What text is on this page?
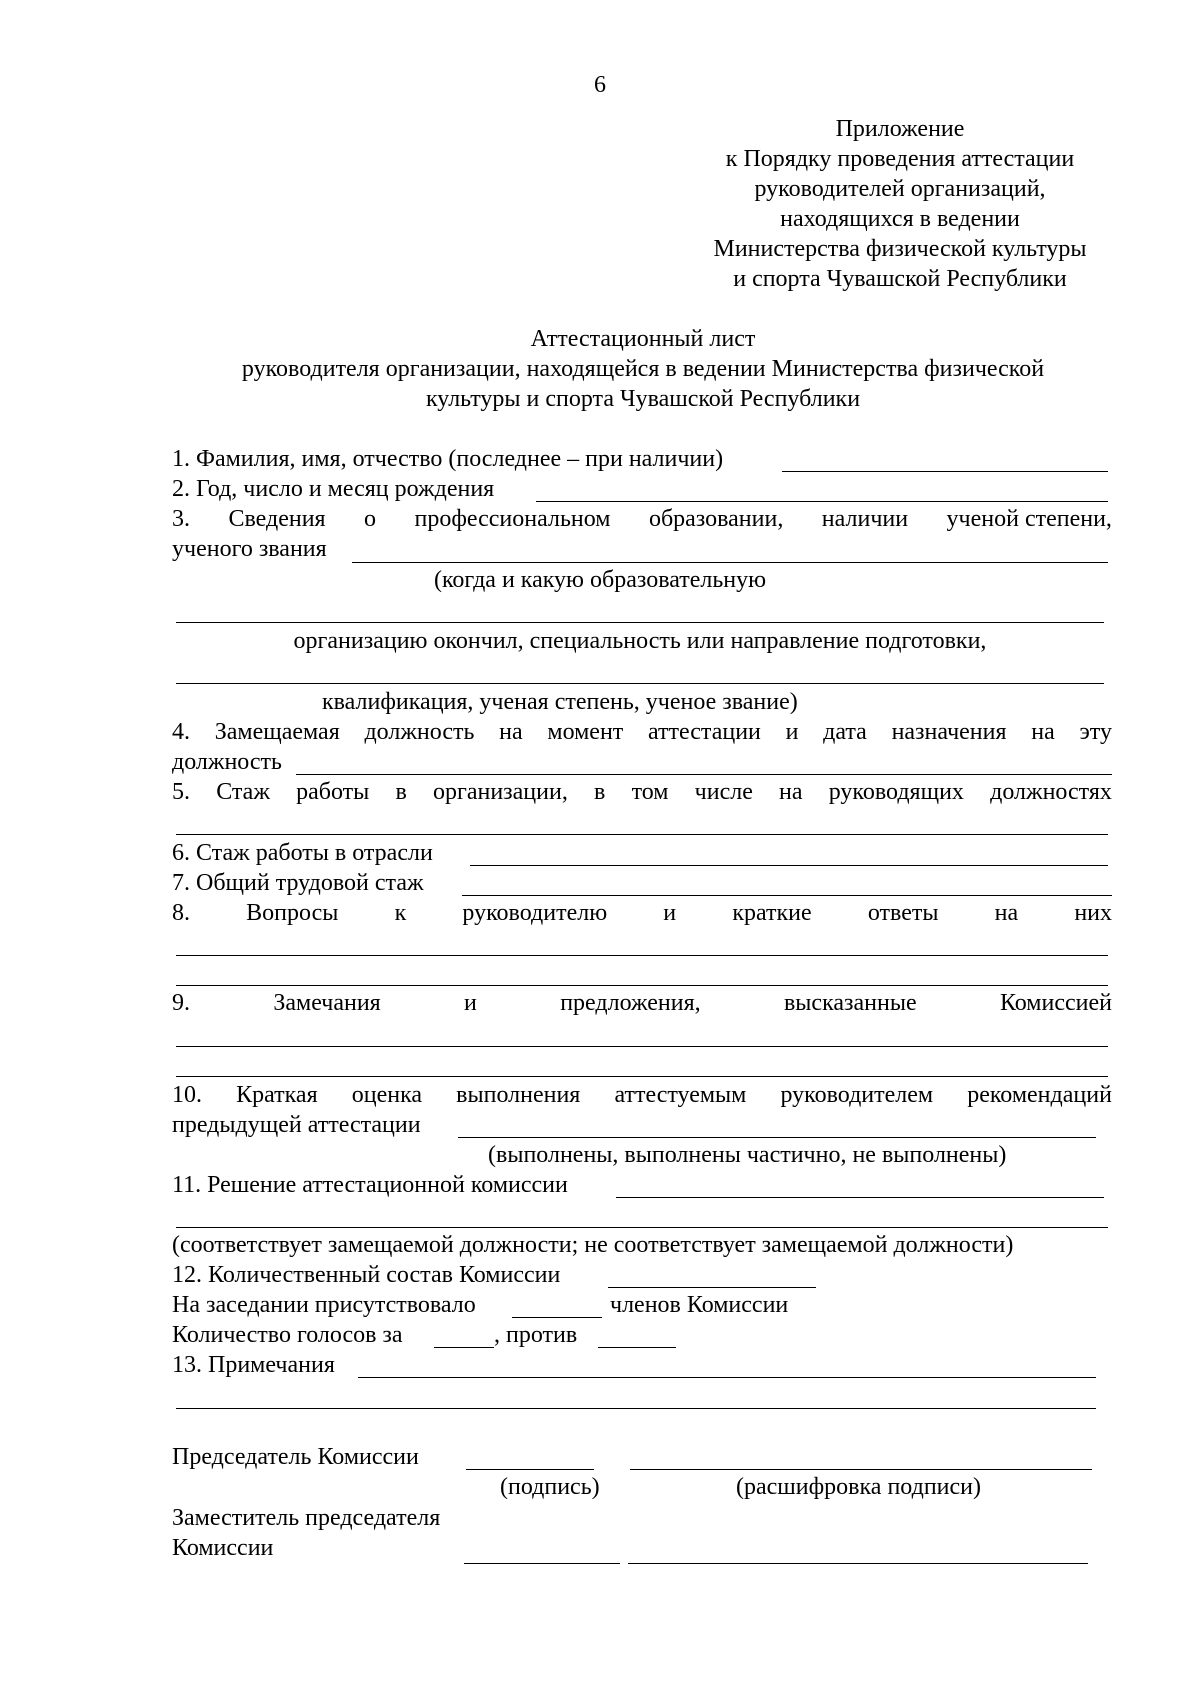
6
Приложение
к Порядку проведения аттестации
руководителей организаций,
находящихся в ведении
Министерства физической культуры
и спорта Чувашской Республики
Аттестационный лист
руководителя организации, находящейся в ведении Министерства физической
культуры и спорта Чувашской Республики
1. Фамилия, имя, отчество (последнее – при наличии)
2. Год, число и месяц рождения
3. Сведения о профессиональном образовании, наличии ученой степени,
ученого звания
(когда и какую образовательную
организацию окончил, специальность или направление подготовки,
квалификация, ученая степень, ученое звание)
4. Замещаемая должность на момент аттестации и дата назначения на эту
должность
5. Стаж работы в организации, в том числе на руководящих должностях
6. Стаж работы в отрасли
7. Общий трудовой стаж
8. Вопросы к руководителю и краткие ответы на них
9.	Замечания	и	предложения,	высказанные	Комиссией
10. Краткая оценка выполнения аттестуемым руководителем рекомендаций
предыдущей аттестации
(выполнены, выполнены частично, не выполнены)
11. Решение аттестационной комиссии
(соответствует замещаемой должности; не соответствует замещаемой должности)
12. Количественный состав Комиссии
На заседании присутствовало	членов Комиссии
Количество голосов за	, против
13. Примечания
Председатель Комиссии
(подпись)	(расшифровка подписи)
Заместитель председателя
Комиссии
